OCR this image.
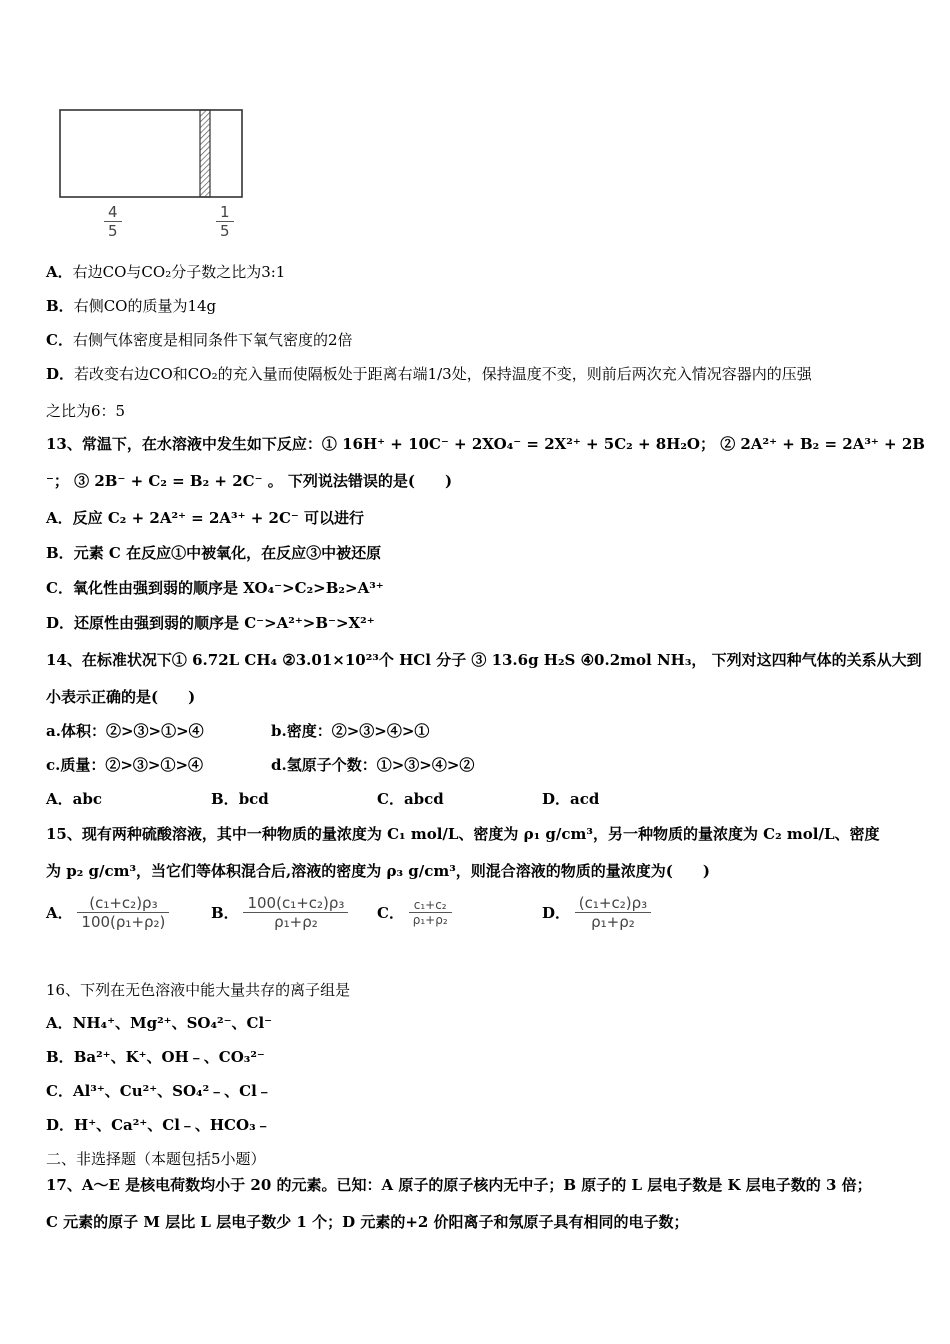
$\frac{4}{5}$	$\frac{1}{5}$
A．右边CO与CO₂分子数之比为3:1
B．右侧CO的质量为14g
C．右侧气体密度是相同条件下氧气密度的2倍
D．若改变右边CO和CO₂的充入量而使隔板处于距离右端1/3处，保持温度不变，则前后两次充入情况容器内的压强
之比为6：5
13、常温下，在水溶液中发生如下反应：① 16H⁺ + 10C⁻ + 2XO₄⁻ = 2X²⁺ + 5C₂ + 8H₂O； ② 2A²⁺ + B₂ = 2A³⁺ + 2B
⁻； ③ 2B⁻ + C₂ = B₂ + 2C⁻ 。 下列说法错误的是(　　)
A．反应 C₂ + 2A²⁺ = 2A³⁺ + 2C⁻ 可以进行
B．元素 C 在反应①中被氧化，在反应③中被还原
C．氧化性由强到弱的顺序是 XO₄⁻>C₂>B₂>A³⁺
D．还原性由强到弱的顺序是 C⁻>A²⁺>B⁻>X²⁺
14、在标准状况下① 6.72L CH₄ ②3.01×10²³个 HCl 分子 ③ 13.6g H₂S ④0.2mol NH₃， 下列对这四种气体的关系从大到
小表示正确的是(　　)
a.体积：②>③>①>④	b.密度：②>③>④>①
c.质量：②>③>①>④	d.氢原子个数：①>③>④>②
A．abc	B．bcd	C．abcd	D．acd
15、现有两种硫酸溶液，其中一种物质的量浓度为 C₁ mol/L、密度为 ρ₁ g/cm³，另一种物质的量浓度为 C₂ mol/L、密度
为 p₂ g/cm³，当它们等体积混合后,溶液的密度为 ρ₃ g/cm³，则混合溶液的物质的量浓度为(　　)
A． $\frac{\text{(c₁+c₂)ρ₃}}{\text{100(ρ₁+ρ₂)}}$	B． $\frac{\text{100(c₁+c₂)ρ₃}}{\text{ρ₁+ρ₂}}$ C． $\frac{\text{c₁+c₂}}{\text{ρ₁+ρ₂}}$	D． $\frac{\text{(c₁+c₂)ρ₃}}{\text{ρ₁+ρ₂}}$
16、下列在无色溶液中能大量共存的离子组是
A．NH₄⁺、Mg²⁺、SO₄²⁻、Cl⁻
B．Ba²⁺、K⁺、OH﹣、CO₃²⁻
C．Al³⁺、Cu²⁺、SO₄²﹣、Cl﹣
D．H⁺、Ca²⁺、Cl﹣、HCO₃﹣
二、非选择题（本题包括5小题）
17、A～E 是核电荷数均小于 20 的元素。已知：A 原子的原子核内无中子；B 原子的 L 层电子数是 K 层电子数的 3 倍；
C 元素的原子 M 层比 L 层电子数少 1 个；D 元素的+2 价阳离子和氖原子具有相同的电子数；
